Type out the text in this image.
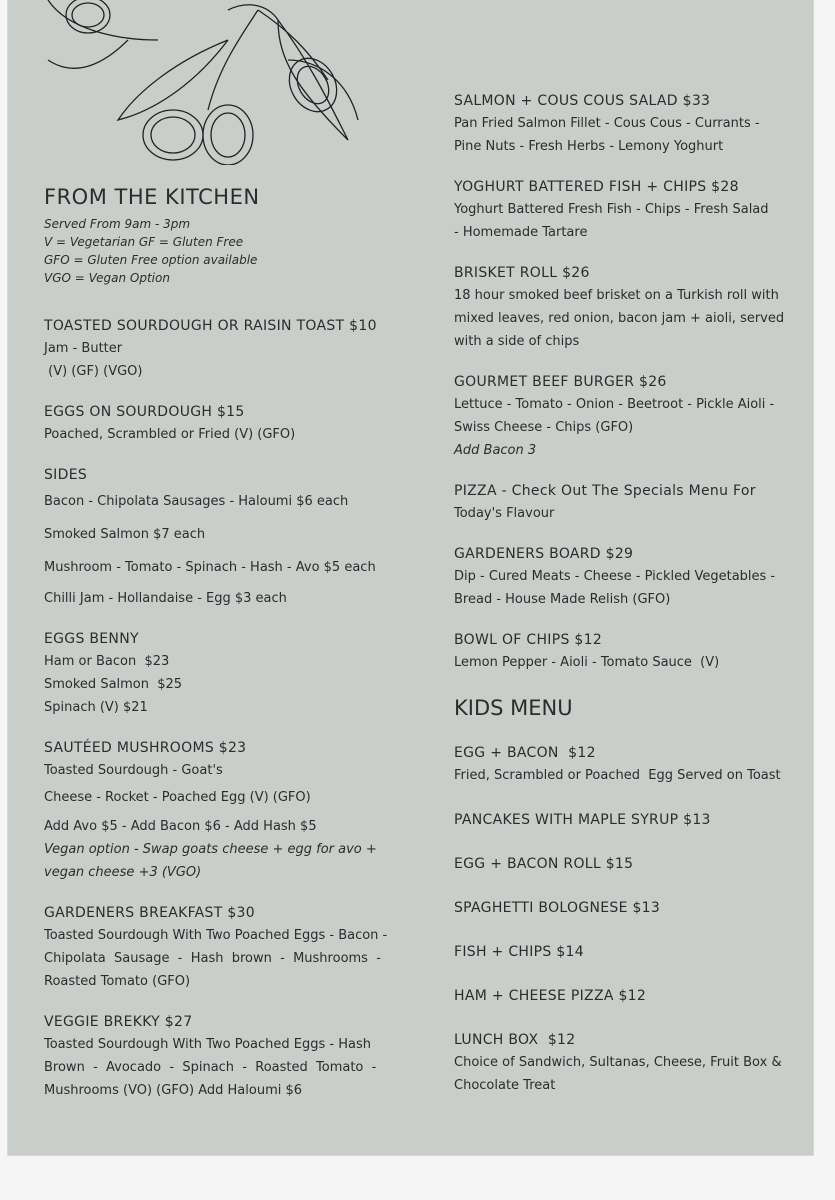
FROM THE KITCHEN
Served From 9am - 3pm
V = Vegetarian GF = Gluten Free
GFO = Gluten Free option available
VGO = Vegan Option
TOASTED SOURDOUGH OR RAISIN TOAST $10
Jam - Butter
(V) (GF) (VGO)
EGGS ON SOURDOUGH $15
Poached, Scrambled or Fried (V) (GFO)
SIDES
Bacon - Chipolata Sausages - Haloumi $6 each
Smoked Salmon $7 each
Mushroom - Tomato - Spinach - Hash - Avo $5 each
Chilli Jam - Hollandaise - Egg $3 each
EGGS BENNY
Ham or Bacon  $23
Smoked Salmon  $25
Spinach (V) $21
SAUTÉED MUSHROOMS $23
Toasted Sourdough - Goat's
Cheese - Rocket - Poached Egg (V) (GFO)
Add Avo $5 - Add Bacon $6 - Add Hash $5
Vegan option - Swap goats cheese + egg for avo +
vegan cheese +3 (VGO)
GARDENERS BREAKFAST $30
Toasted Sourdough With Two Poached Eggs - Bacon -
Chipolata  Sausage  -  Hash  brown  -  Mushrooms  -
Roasted Tomato (GFO)
VEGGIE BREKKY $27
Toasted Sourdough With Two Poached Eggs - Hash
Brown  -  Avocado  -  Spinach  -  Roasted  Tomato  -
Mushrooms (VO) (GFO) Add Haloumi $6
SALMON + COUS COUS SALAD $33
Pan Fried Salmon Fillet - Cous Cous - Currants -
Pine Nuts - Fresh Herbs - Lemony Yoghurt
YOGHURT BATTERED FISH + CHIPS $28
Yoghurt Battered Fresh Fish - Chips - Fresh Salad
- Homemade Tartare
BRISKET ROLL $26
18 hour smoked beef brisket on a Turkish roll with
mixed leaves, red onion, bacon jam + aioli, served
with a side of chips
GOURMET BEEF BURGER $26
Lettuce - Tomato - Onion - Beetroot - Pickle Aioli -
Swiss Cheese - Chips (GFO)
Add Bacon 3
PIZZA - Check Out The Specials Menu For
Today's Flavour
GARDENERS BOARD $29
Dip - Cured Meats - Cheese - Pickled Vegetables -
Bread - House Made Relish (GFO)
BOWL OF CHIPS $12
Lemon Pepper - Aioli - Tomato Sauce  (V)
KIDS MENU
EGG + BACON  $12
Fried, Scrambled or Poached  Egg Served on Toast
PANCAKES WITH MAPLE SYRUP $13
EGG + BACON ROLL $15
SPAGHETTI BOLOGNESE $13
FISH + CHIPS $14
HAM + CHEESE PIZZA $12
LUNCH BOX  $12
Choice of Sandwich, Sultanas, Cheese, Fruit Box &
Chocolate Treat
